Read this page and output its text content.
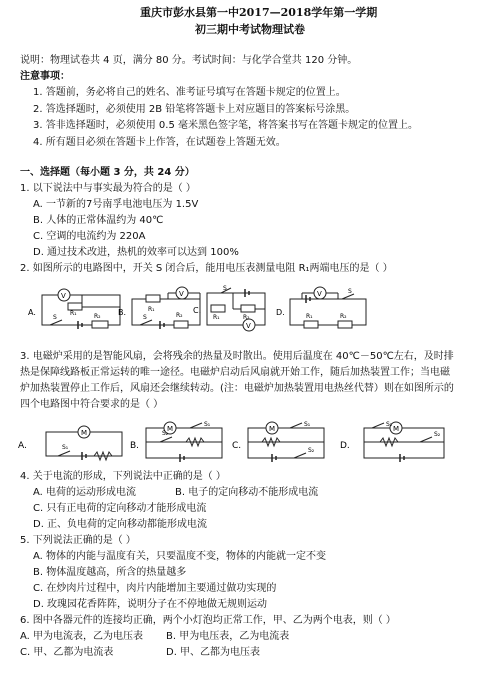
重庆市彭水县第一中2017—2018学年第一学期
初三期中考试物理试卷
说明：物理试卷共 4 页，满分 80 分。考试时间：与化学合堂共 120 分钟。
注意事项：
1. 答题前，务必将自己的姓名、准考证号填写在答题卡规定的位置上。
2. 答选择题时，必须使用 2B 铅笔将答题卡上对应题目的答案标号涂黑。
3. 答非选择题时，必须使用 0.5 毫米黑色签字笔，将答案书写在答题卡规定的位置上。
4. 所有题目必须在答题卡上作答，在试题卷上答题无效。
一、选择题（每小题 3 分，共 24 分）
1. 以下说法中与事实最为符合的是（ ）
A. 一节新的7号南孚电池电压为 1.5V
B. 人体的正常体温约为 40℃
C. 空调的电流约为 220A
D. 通过技术改进，热机的效率可以达到 100%
2. 如图所示的电路图中，开关 S 闭合后，能用电压表测量电阻 R₁两端电压的是（ ）
V
S
R₁	R₂
A.
V
S
R₁
R₂
B.
V
S
R₁	R₂
C.
V	S
R₁	R₂
D.
3. 电磁炉采用的是智能风扇，会将残余的热量及时散出。使用后温度在 40℃－50℃左右，及时排
热是保障线路板正常运转的唯一途径。电磁炉启动后风扇就开始工作，随后加热装置工作；当电磁
炉加热装置停止工作后，风扇还会继续转动。(注：电磁炉加热装置用电热丝代替）则在如图所示的
四个电路图中符合要求的是（ ）
M
S₁
A.
M
S₁
S₂
B.
M
S₁
S₂
C.
M
S₁
S₂
D.
4. 关于电流的形成，下列说法中正确的是（ ）
A. 电荷的运动形成电流	B. 电子的定向移动不能形成电流
C. 只有正电荷的定向移动才能形成电流
D. 正、负电荷的定向移动都能形成电流
5. 下列说法正确的是（ ）
A. 物体的内能与温度有关，只要温度不变，物体的内能就一定不变
B. 物体温度越高，所含的热量越多
C. 在炒肉片过程中，肉片内能增加主要通过做功实现的
D. 玫瑰园花香阵阵，说明分子在不停地做无规则运动
6. 图中各器元件的连接均正确，两个小灯泡均正常工作，甲、乙为两个电表，则（ ）
A. 甲为电流表，乙为电压表 B. 甲为电压表，乙为电流表
C. 甲、乙都为电流表	D. 甲、乙都为电压表
